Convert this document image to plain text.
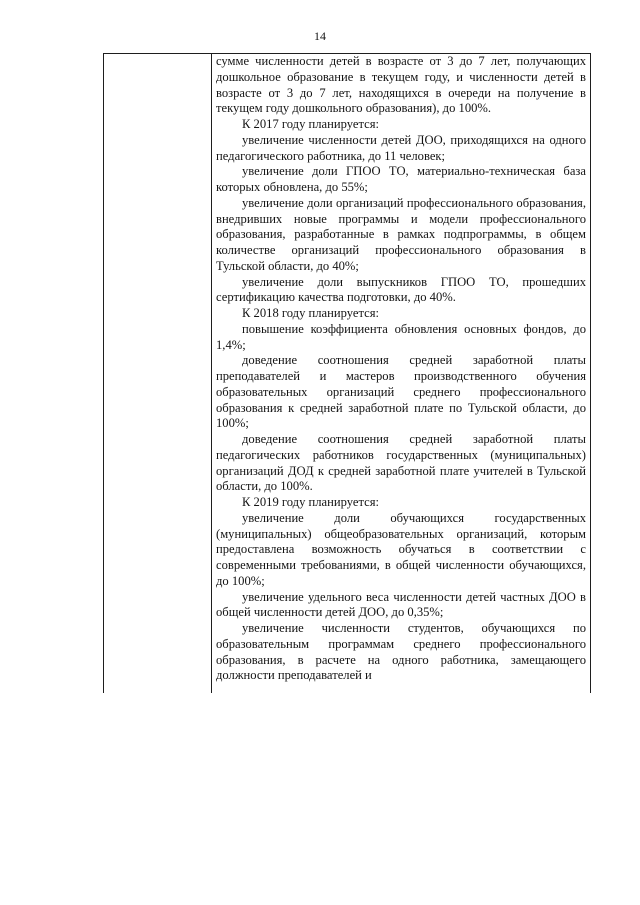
14

сумме численности детей в возрасте от 3 до 7 лет, получающих дошкольное образование в текущем году, и численности детей в возрасте от 3 до 7 лет, находящихся в очереди на получение в текущем году дошкольного образования), до 100%.

К 2017 году планируется:

увеличение численности детей ДОО, приходящихся на одного педагогического работника, до 11 человек;

увеличение доли ГПОО ТО, материально-техническая база которых обновлена, до 55%;

увеличение доли организаций профессионального образования, внедривших новые программы и модели профессионального образования, разработанные в рамках подпрограммы, в общем количестве организаций профессионального образования в Тульской области, до 40%;

увеличение доли выпускников ГПОО ТО, прошедших сертификацию качества подготовки, до 40%.

К 2018 году планируется:

повышение коэффициента обновления основных фондов, до 1,4%;

доведение соотношения средней заработной платы преподавателей и мастеров производственного обучения образовательных организаций среднего профессионального образования к средней заработной плате по Тульской области, до 100%;

доведение соотношения средней заработной платы педагогических работников государственных (муниципальных) организаций ДОД к средней заработной плате учителей в Тульской области, до 100%.

К 2019 году планируется:

увеличение доли обучающихся государственных (муниципальных) общеобразовательных организаций, которым предоставлена возможность обучаться в соответствии с современными требованиями, в общей численности обучающихся, до 100%;

увеличение удельного веса численности детей частных ДОО в общей численности детей ДОО, до 0,35%;

увеличение численности студентов, обучающихся по образовательным программам среднего профессионального образования, в расчете на одного работника, замещающего должности преподавателей и
